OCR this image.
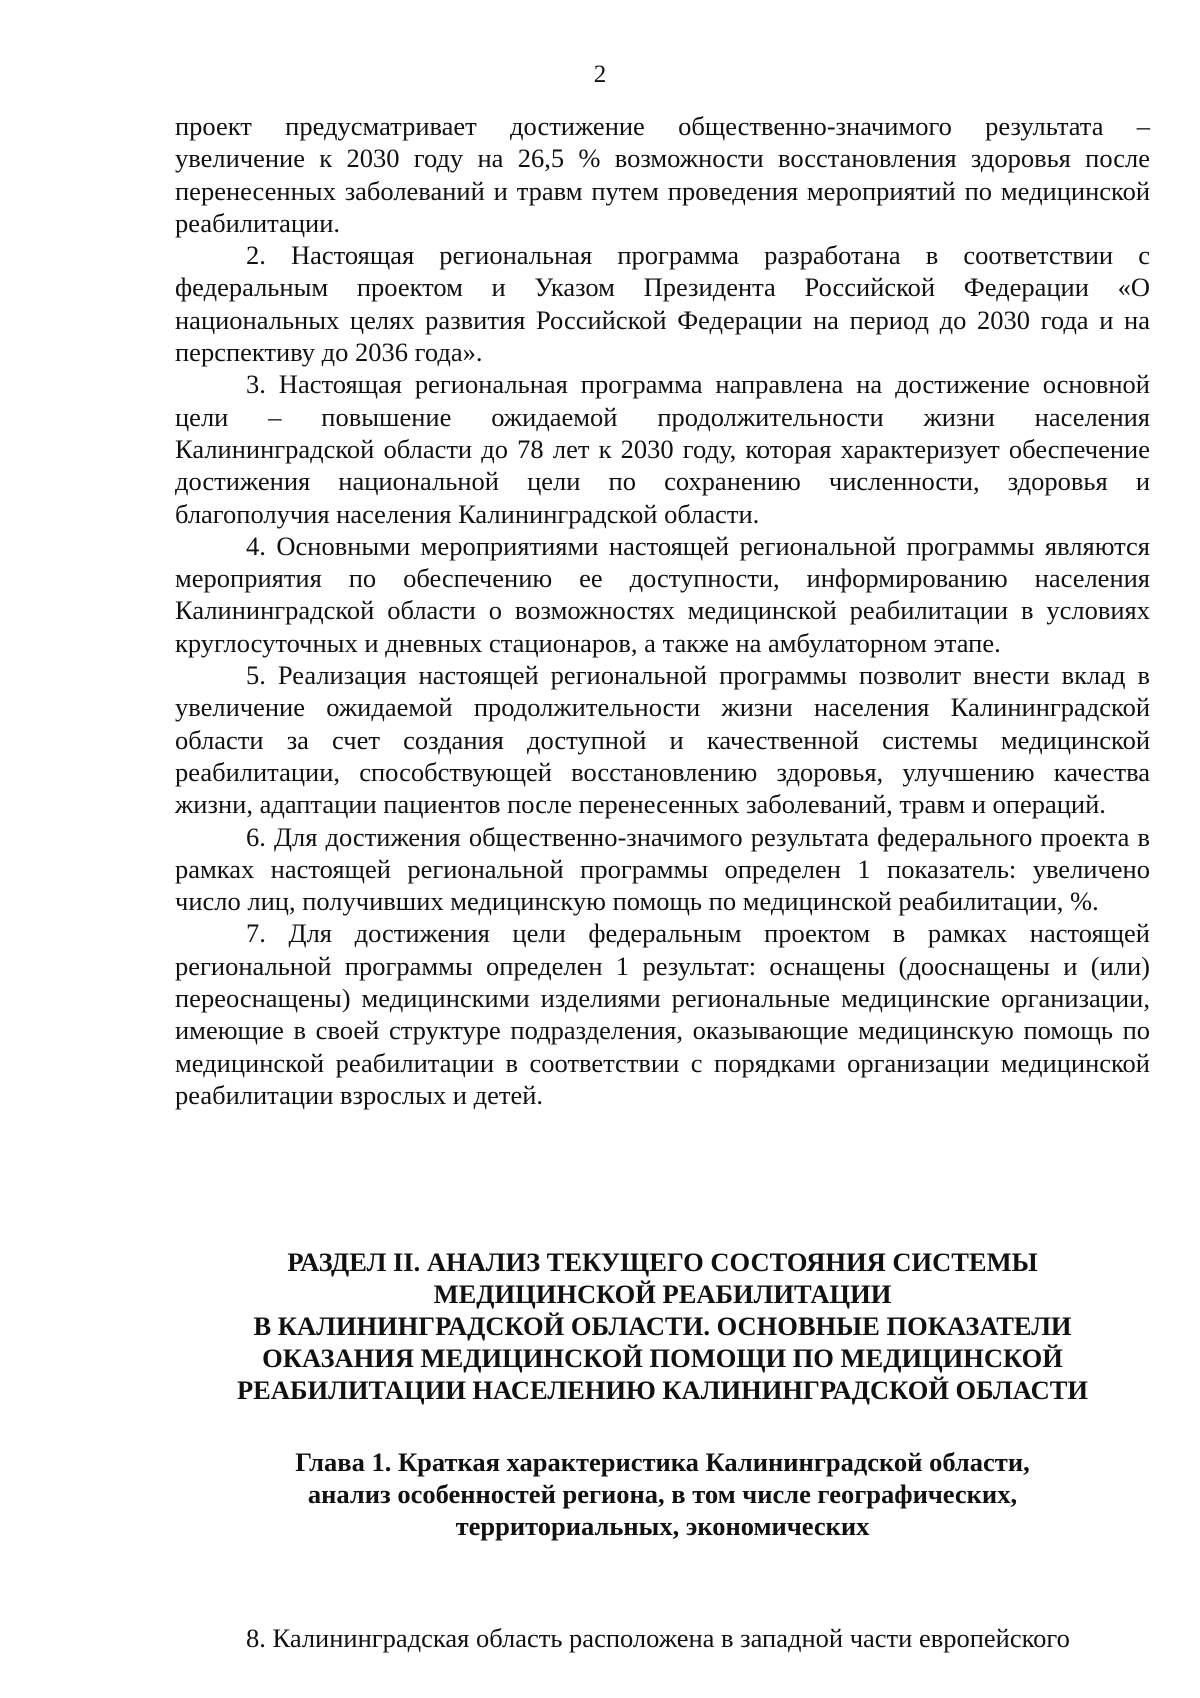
2

проект предусматривает достижение общественно-значимого результата – увеличение к 2030 году на 26,5 % возможности восстановления здоровья после перенесенных заболеваний и травм путем проведения мероприятий по медицинской реабилитации.

2. Настоящая региональная программа разработана в соответствии с федеральным проектом и Указом Президента Российской Федерации «О национальных целях развития Российской Федерации на период до 2030 года и на перспективу до 2036 года».

3. Настоящая региональная программа направлена на достижение основной цели – повышение ожидаемой продолжительности жизни населения Калининградской области до 78 лет к 2030 году, которая характеризует обеспечение достижения национальной цели по сохранению численности, здоровья и благополучия населения Калининградской области.

4. Основными мероприятиями настоящей региональной программы являются мероприятия по обеспечению ее доступности, информированию населения Калининградской области о возможностях медицинской реабилитации в условиях круглосуточных и дневных стационаров, а также на амбулаторном этапе.

5. Реализация настоящей региональной программы позволит внести вклад в увеличение ожидаемой продолжительности жизни населения Калининградской области за счет создания доступной и качественной системы медицинской реабилитации, способствующей восстановлению здоровья, улучшению качества жизни, адаптации пациентов после перенесенных заболеваний, травм и операций.

6. Для достижения общественно-значимого результата федерального проекта в рамках настоящей региональной программы определен 1 показатель: увеличено число лиц, получивших медицинскую помощь по медицинской реабилитации, %.

7. Для достижения цели федеральным проектом в рамках настоящей региональной программы определен 1 результат: оснащены (дооснащены и (или) переоснащены) медицинскими изделиями региональные медицинские организации, имеющие в своей структуре подразделения, оказывающие медицинскую помощь по медицинской реабилитации в соответствии с порядками организации медицинской реабилитации взрослых и детей.

РАЗДЕЛ II. АНАЛИЗ ТЕКУЩЕГО СОСТОЯНИЯ СИСТЕМЫ
МЕДИЦИНСКОЙ РЕАБИЛИТАЦИИ
В КАЛИНИНГРАДСКОЙ ОБЛАСТИ. ОСНОВНЫЕ ПОКАЗАТЕЛИ
ОКАЗАНИЯ МЕДИЦИНСКОЙ ПОМОЩИ ПО МЕДИЦИНСКОЙ
РЕАБИЛИТАЦИИ НАСЕЛЕНИЮ КАЛИНИНГРАДСКОЙ ОБЛАСТИ
Глава 1. Краткая характеристика Калининградской области,
анализ особенностей региона, в том числе географических,
территориальных, экономических

8. Калининградская область расположена в западной части европейского
